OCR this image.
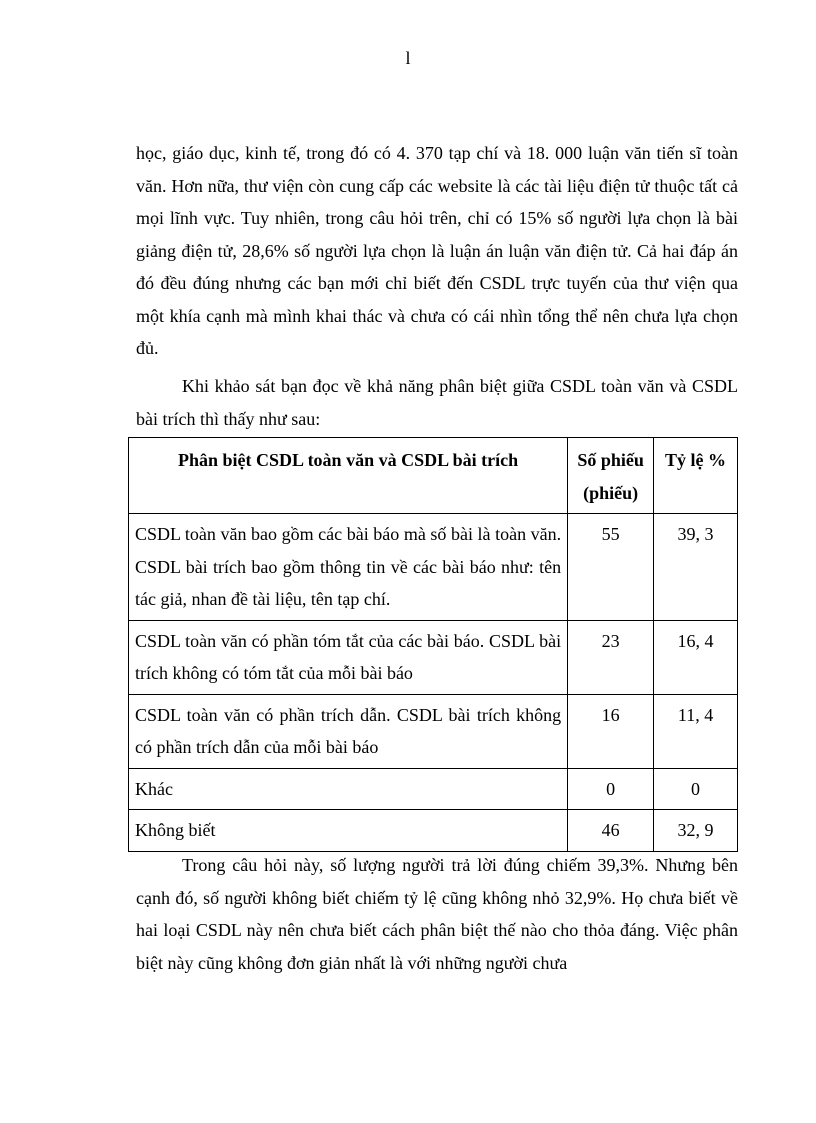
l

học, giáo dục, kinh tế, trong đó có 4. 370 tạp chí và 18. 000 luận văn tiến sĩ toàn văn. Hơn nữa, thư viện còn cung cấp các website là các tài liệu điện tử thuộc tất cả mọi lĩnh vực. Tuy nhiên, trong câu hỏi trên, chỉ có 15% số người lựa chọn là bài giảng điện tử, 28,6% số người lựa chọn là luận án luận văn điện tử. Cả hai đáp án đó đều đúng nhưng các bạn mới chỉ biết đến CSDL trực tuyến của thư viện qua một khía cạnh mà mình khai thác và chưa có cái nhìn tổng thể nên chưa lựa chọn đủ.

Khi khảo sát bạn đọc về khả năng phân biệt giữa CSDL toàn văn và CSDL bài trích thì thấy như sau:

Phân biệt CSDL toàn văn và CSDL bài trích	Số phiếu (phiếu)	Tỷ lệ %
CSDL toàn văn bao gồm các bài báo mà số bài là toàn văn. CSDL bài trích bao gồm thông tin về các bài báo như: tên tác giả, nhan đề tài liệu, tên tạp chí.	55	39, 3
CSDL toàn văn có phần tóm tắt của các bài báo. CSDL bài trích không có tóm tắt của mỗi bài báo	23	16, 4
CSDL toàn văn có phần trích dẫn. CSDL bài trích không có phần trích dẫn của mỗi bài báo	16	11, 4
Khác	0	0
Không biết	46	32, 9

Trong câu hỏi này, số lượng người trả lời đúng chiếm 39,3%. Nhưng bên cạnh đó, số người không biết chiếm tỷ lệ cũng không nhỏ 32,9%. Họ chưa biết về hai loại CSDL này nên chưa biết cách phân biệt thế nào cho thỏa đáng. Việc phân biệt này cũng không đơn giản nhất là với những người chưa
